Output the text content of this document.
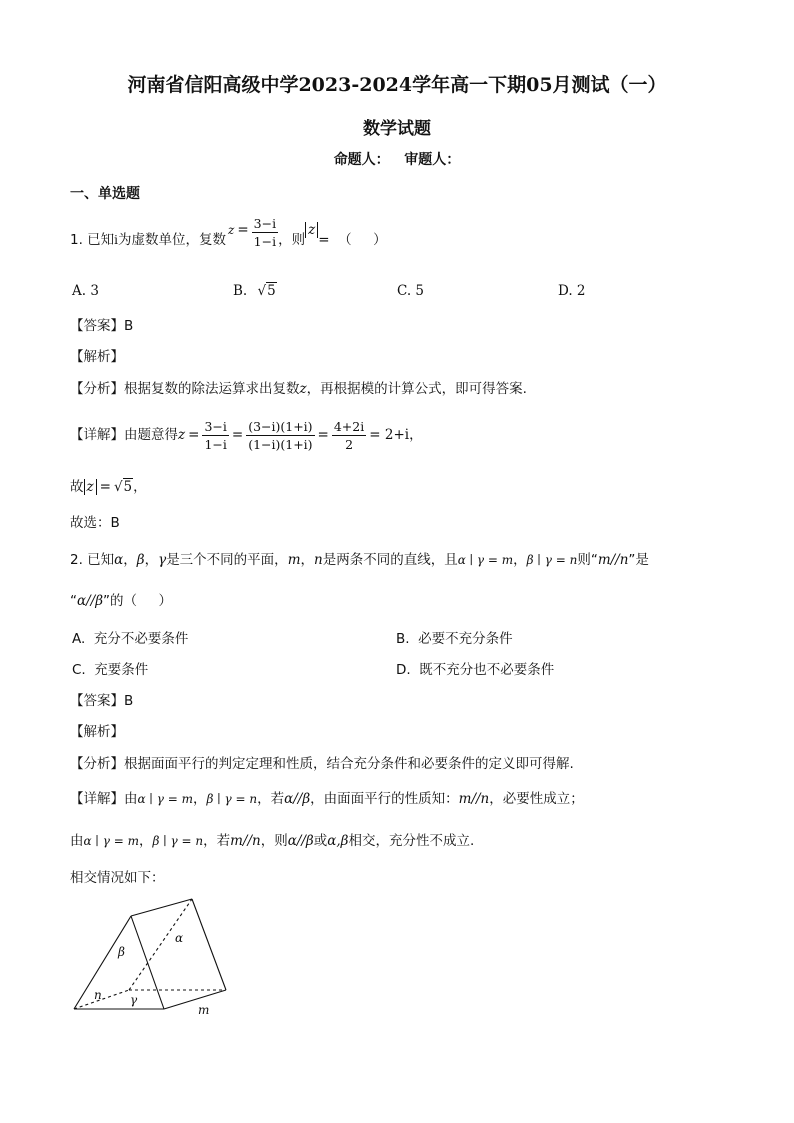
河南省信阳高级中学2023-2024学年高一下期05月测试（一）
数学试题
命题人：   审题人：
一、单选题
1. 已知 i 为虚数单位，复数
$z = \frac{3-i}{1-i}$ ，则
z
=  （     ）
A. 3	B. √5	C. 5	D. 2
【答案】B
【解析】
【分析】根据复数的除法运算求出复数z，再根据模的计算公式，即可得答案.
【详解】由题意得 $z = \frac{3-i}{1-i} = \frac{(3-i)(1+i)}{(1-i)(1+i)} = \frac{4+2i}{2} = 2+i$，
故 z = √5，
故选：B
2. 已知α，β，γ是三个不同的平面，m，n是两条不同的直线，且α ∣ γ = m，β ∣ γ = n则“m//n”是
“α//β”的（     ）
A.  充分不必要条件	B.  必要不充分条件
C.  充要条件	D.  既不充分也不必要条件
【答案】B
【解析】
【分析】根据面面平行的判定定理和性质，结合充分条件和必要条件的定义即可得解.
【详解】由α ∣ γ = m，β ∣ γ = n，若α//β，由面面平行的性质知：m//n，必要性成立；
由α ∣ γ = m，β ∣ γ = n，若m//n，则α//β或α,β相交，充分性不成立.
相交情况如下：
α
β
γ
n
m
